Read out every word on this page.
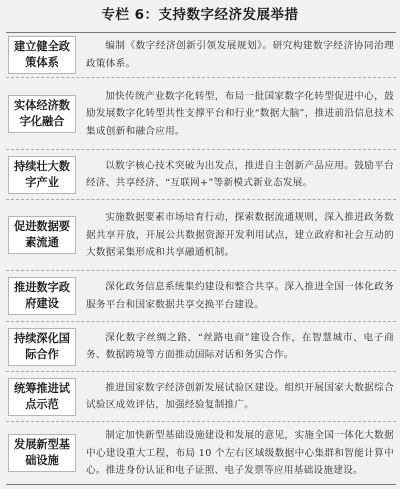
专栏 6：支持数字经济发展举措
建立健全政策体系
编制《数字经济创新引领发展规划》。研究构建数字经济协同治理政策体系。
实体经济数字化融合
加快传统产业数字化转型，布局一批国家数字化转型促进中心，鼓励发展数字化转型共性支撑平台和行业“数据大脑”，推进前沿信息技术集成创新和融合应用。
持续壮大数字产业
以数字核心技术突破为出发点，推进自主创新产品应用。鼓励平台经济、共享经济、“互联网+”等新模式新业态发展。
促进数据要素流通
实施数据要素市场培育行动，探索数据流通规则，深入推进政务数据共享开放，开展公共数据资源开发利用试点，建立政府和社会互动的大数据采集形成和共享融通机制。
推进数字政府建设
深化政务信息系统集约建设和整合共享。深入推进全国一体化政务服务平台和国家数据共享交换平台建设。
持续深化国际合作
深化数字丝绸之路、“丝路电商”建设合作，在智慧城市、电子商务、数据跨境等方面推动国际对话和务实合作。
统筹推进试点示范
推进国家数字经济创新发展试验区建设。组织开展国家大数据综合试验区成效评估，加强经验复制推广。
发展新型基础设施
制定加快新型基础设施建设和发展的意见，实施全国一体化大数据中心建设重大工程，布局 10 个左右区域级数据中心集群和智能计算中心。推进身份认证和电子证照、电子发票等应用基础设施建设。
